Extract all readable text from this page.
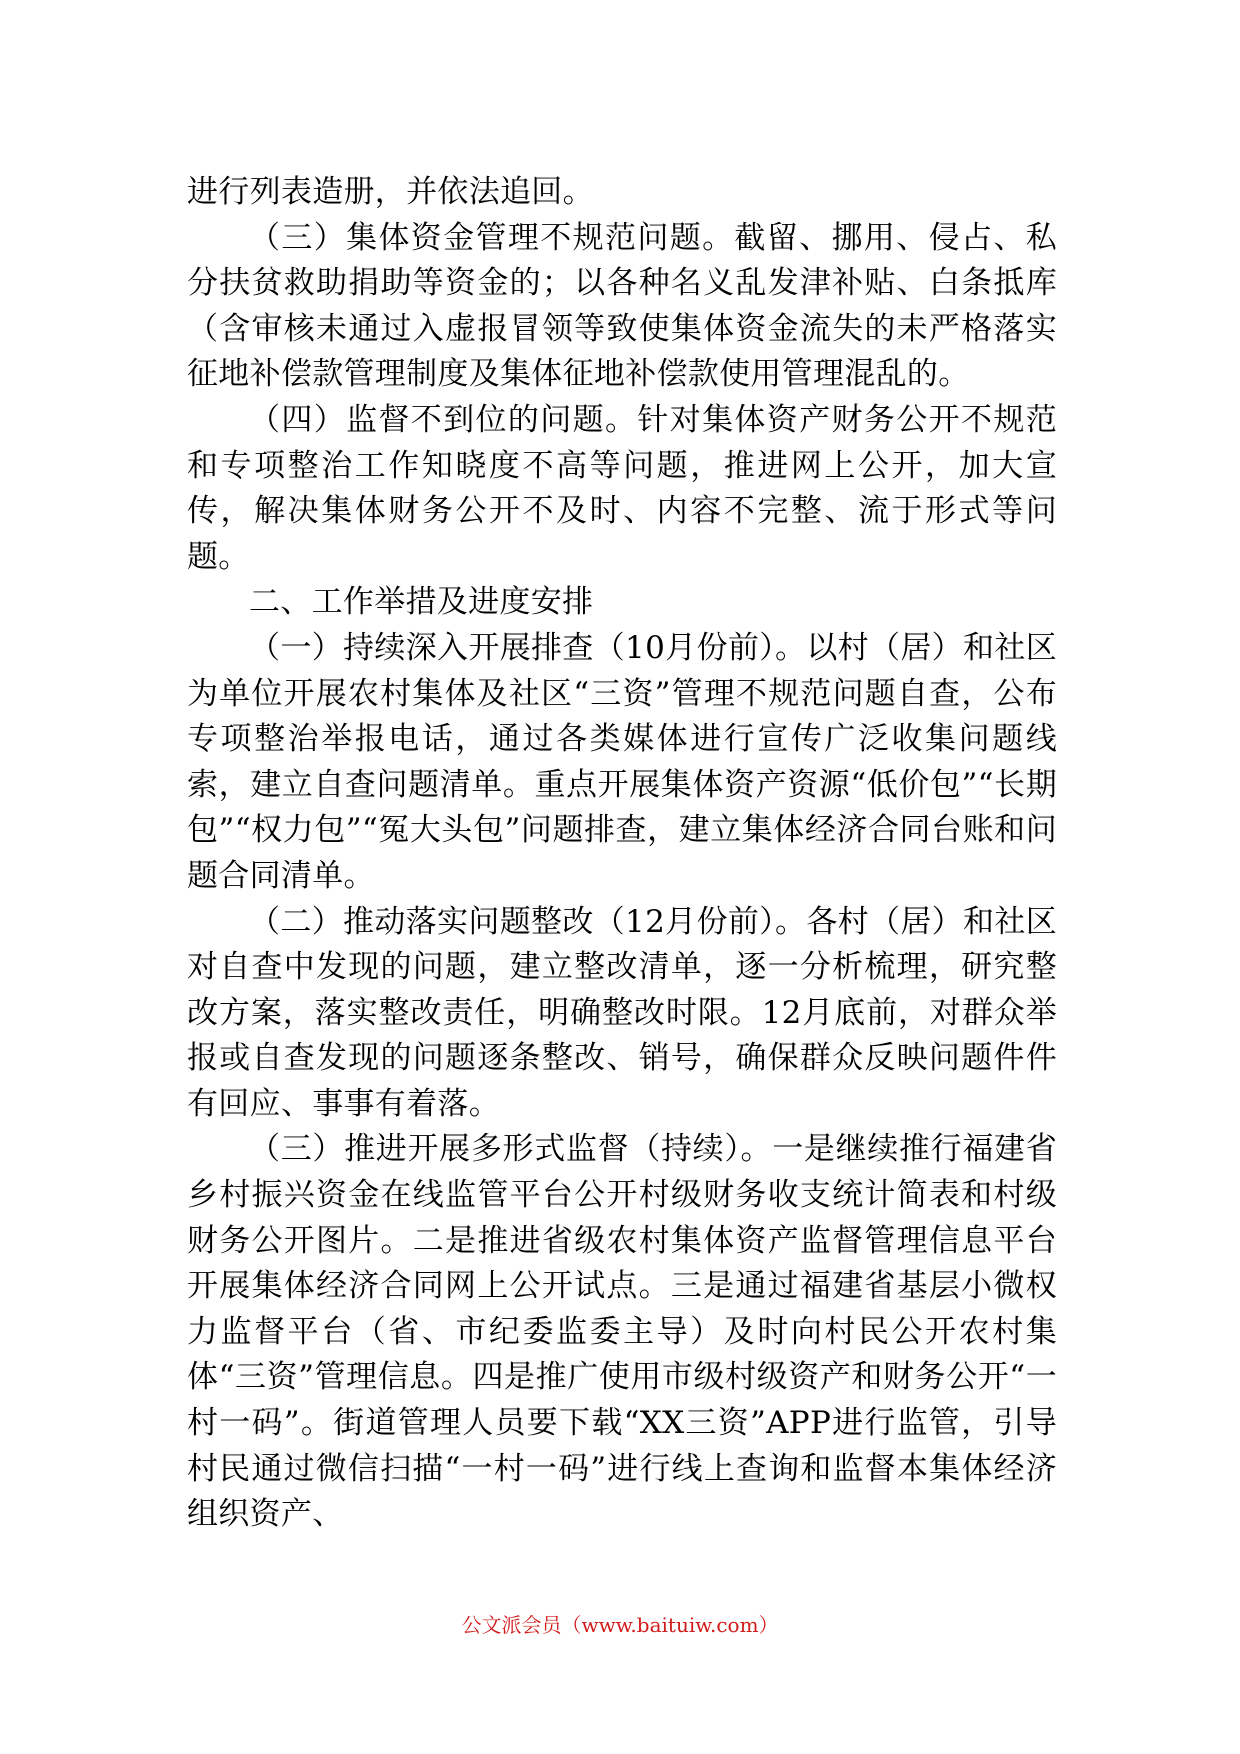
进行列表造册，并依法追回。

（三）集体资金管理不规范问题。截留、挪用、侵占、私分扶贫救助捐助等资金的；以各种名义乱发津补贴、白条抵库（含审核未通过入虚报冒领等致使集体资金流失的未严格落实征地补偿款管理制度及集体征地补偿款使用管理混乱的。

（四）监督不到位的问题。针对集体资产财务公开不规范和专项整治工作知晓度不高等问题，推进网上公开，加大宣传，解决集体财务公开不及时、内容不完整、流于形式等问题。

二、工作举措及进度安排

（一）持续深入开展排查（10月份前）。以村（居）和社区为单位开展农村集体及社区“三资”管理不规范问题自查，公布专项整治举报电话，通过各类媒体进行宣传广泛收集问题线索，建立自查问题清单。重点开展集体资产资源“低价包”“长期包”“权力包”“冤大头包”问题排查，建立集体经济合同台账和问题合同清单。

（二）推动落实问题整改（12月份前）。各村（居）和社区对自查中发现的问题，建立整改清单，逐一分析梳理，研究整改方案，落实整改责任，明确整改时限。12月底前，对群众举报或自查发现的问题逐条整改、销号，确保群众反映问题件件有回应、事事有着落。

（三）推进开展多形式监督（持续）。一是继续推行福建省乡村振兴资金在线监管平台公开村级财务收支统计简表和村级财务公开图片。二是推进省级农村集体资产监督管理信息平台开展集体经济合同网上公开试点。三是通过福建省基层小微权力监督平台（省、市纪委监委主导）及时向村民公开农村集体“三资”管理信息。四是推广使用市级村级资产和财务公开“一村一码”。街道管理人员要下载“XX三资”APP进行监管，引导村民通过微信扫描“一村一码”进行线上查询和监督本集体经济组织资产、

公文派会员（www.baituiw.com）
